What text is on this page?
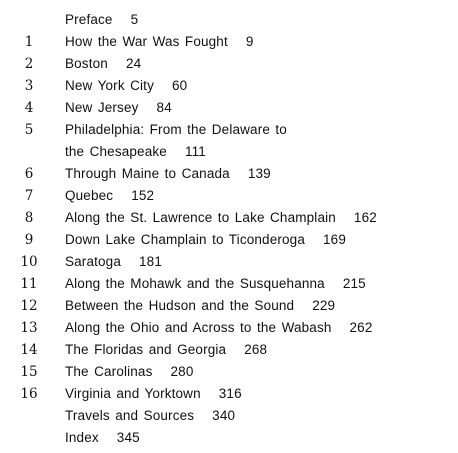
Preface 5
1	How the War Was Fought 9
2	Boston 24
3	New York City 60
4	New Jersey 84
5	Philadelphia: From the Delaware to
the Chesapeake 111
6	Through Maine to Canada 139
7	Quebec 152
8	Along the St. Lawrence to Lake Champlain 162
9	Down Lake Champlain to Ticonderoga 169
10 Saratoga 181
11 Along the Mohawk and the Susquehanna 215
12 Between the Hudson and the Sound 229
13 Along the Ohio and Across to the Wabash 262
14 The Floridas and Georgia 268
15 The Carolinas 280
16 Virginia and Yorktown 316
Travels and Sources 340
Index 345
